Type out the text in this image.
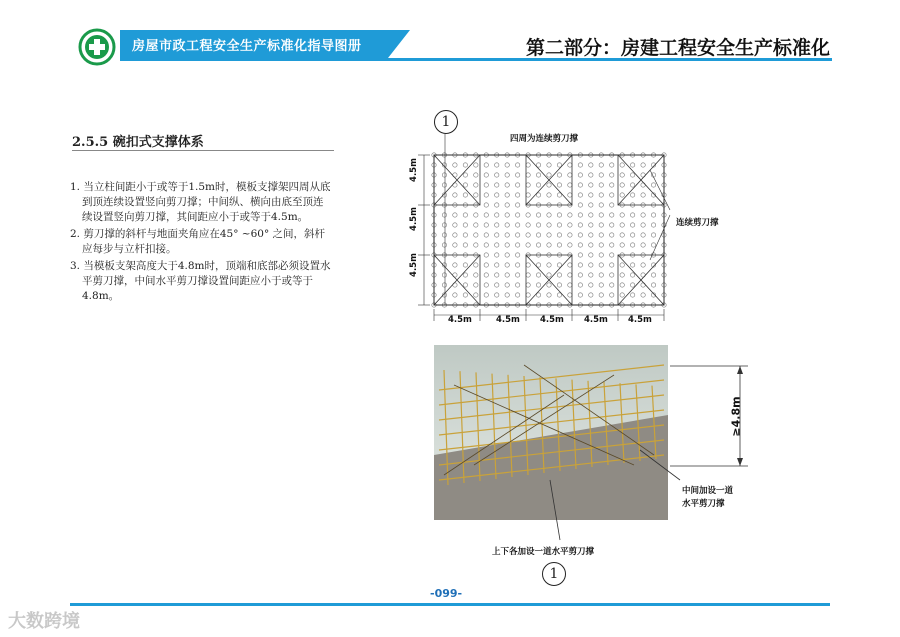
房屋市政工程安全生产标准化指导图册	第二部分：房建工程安全生产标准化
2.5.5 碗扣式支撑体系
1. 当立柱间距小于或等于1.5m时，模板支撑架四周从底到顶连续设置竖向剪刀撑；中间纵、横向由底至顶连续设置竖向剪刀撑，其间距应小于或等于4.5m。
2. 剪刀撑的斜杆与地面夹角应在45° ~60° 之间，斜杆应每步与立杆扣接。
3. 当模板支架高度大于4.8m时，顶端和底部必须设置水平剪刀撑，中间水平剪刀撑设置间距应小于或等于4.8m。
1
四周为连续剪刀撑
连续剪刀撑
4.5m
4.5m
4.5m
4.5m	4.5m 4.5m 4.5m 4.5m
≥4.8m
中间加设一道
水平剪刀撑
上下各加设一道水平剪刀撑
1
-099-
大数跨境
